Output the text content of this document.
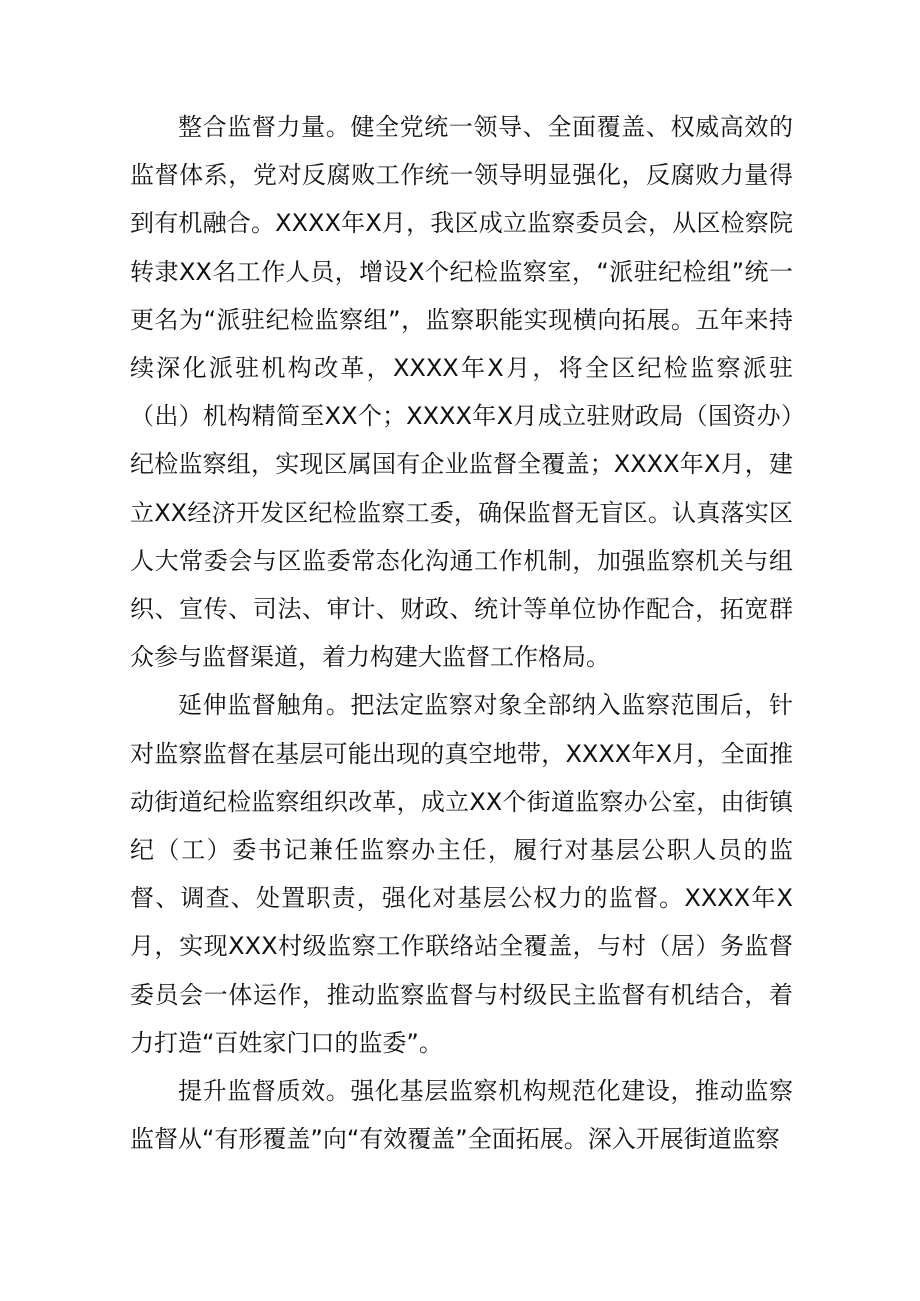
整合监督力量。健全党统一领导、全面覆盖、权威高效的监督体系，党对反腐败工作统一领导明显强化，反腐败力量得到有机融合。XXXX年X月，我区成立监察委员会，从区检察院转隶XX名工作人员，增设X个纪检监察室，“派驻纪检组”统一更名为“派驻纪检监察组”，监察职能实现横向拓展。五年来持续深化派驻机构改革，XXXX年X月，将全区纪检监察派驻（出）机构精简至XX个；XXXX年X月成立驻财政局（国资办）纪检监察组，实现区属国有企业监督全覆盖；XXXX年X月，建立XX经济开发区纪检监察工委，确保监督无盲区。认真落实区人大常委会与区监委常态化沟通工作机制，加强监察机关与组织、宣传、司法、审计、财政、统计等单位协作配合，拓宽群众参与监督渠道，着力构建大监督工作格局。

延伸监督触角。把法定监察对象全部纳入监察范围后，针对监察监督在基层可能出现的真空地带，XXXX年X月，全面推动街道纪检监察组织改革，成立XX个街道监察办公室，由街镇纪（工）委书记兼任监察办主任，履行对基层公职人员的监督、调查、处置职责，强化对基层公权力的监督。XXXX年X月，实现XXX村级监察工作联络站全覆盖，与村（居）务监督委员会一体运作，推动监察监督与村级民主监督有机结合，着力打造“百姓家门口的监委”。

提升监督质效。强化基层监察机构规范化建设，推动监察监督从“有形覆盖”向“有效覆盖”全面拓展。深入开展街道监察
